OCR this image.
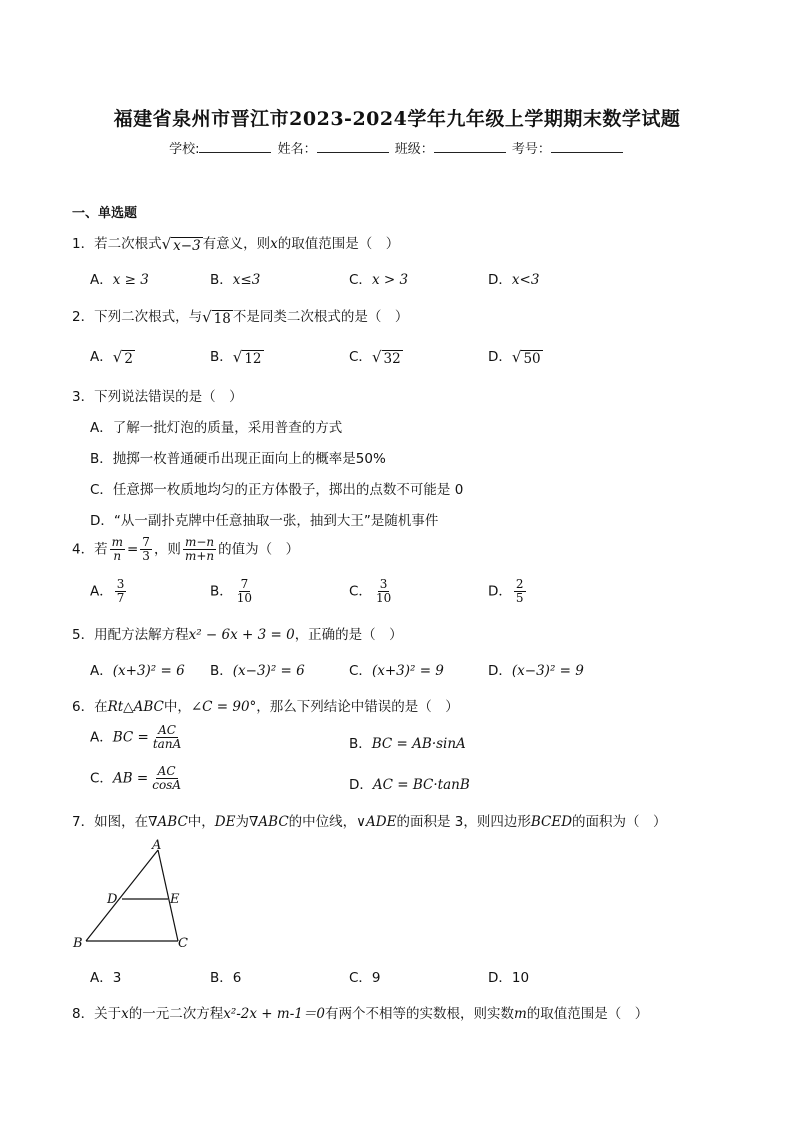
福建省泉州市晋江市2023-2024学年九年级上学期期末数学试题
学校:	姓名：	班级：	考号：
一、单选题
1．若二次根式 √ x−3 有意义，则x的取值范围是（　）
A．x ≥ 3	B．x≤3	C．x > 3	D．x<3
2．下列二次根式，与 √ 18 不是同类二次根式的是（　）
A． √ 2	B． √ 12	C． √ 32	D． √ 50
3．下列说法错误的是（　）
A．了解一批灯泡的质量，采用普查的方式
B．抛掷一枚普通硬币出现正面向上的概率是50%
C．任意掷一枚质地均匀的正方体骰子，掷出的点数不可能是 0
D．“从一副扑克牌中任意抽取一张，抽到大王”是随机事件
4．若 $\frac{m}{n} = \frac{7}{3}$ ，则 $\frac{m-n}{m+n}$ 的值为（　）
A． $\frac{3}{7}$	B． $\frac{7}{10}$	C． $\frac{3}{10}$	D． $\frac{2}{5}$
5．用配方法解方程x² − 6x + 3 = 0，正确的是（　）
A．(x+3)² = 6 B．(x−3)² = 6	C．(x+3)² = 9	D．(x−3)² = 9
6．在Rt△ABC中，∠C = 90°，那么下列结论中错误的是（　）
A．BC = $\frac{AC}{\tan A}$	B．BC = AB·sinA
C．AB = $\frac{AC}{\cos A}$	D．AC = BC·tanB
7．如图，在∇ABC中，DE为∇ABC的中位线，∨ADE的面积是 3，则四边形BCED的面积为（　）
A
B	C
D	E
A．3	B．6	C．9	D．10
8．关于x的一元二次方程x²-2x + m-1＝0有两个不相等的实数根，则实数m的取值范围是（　）
